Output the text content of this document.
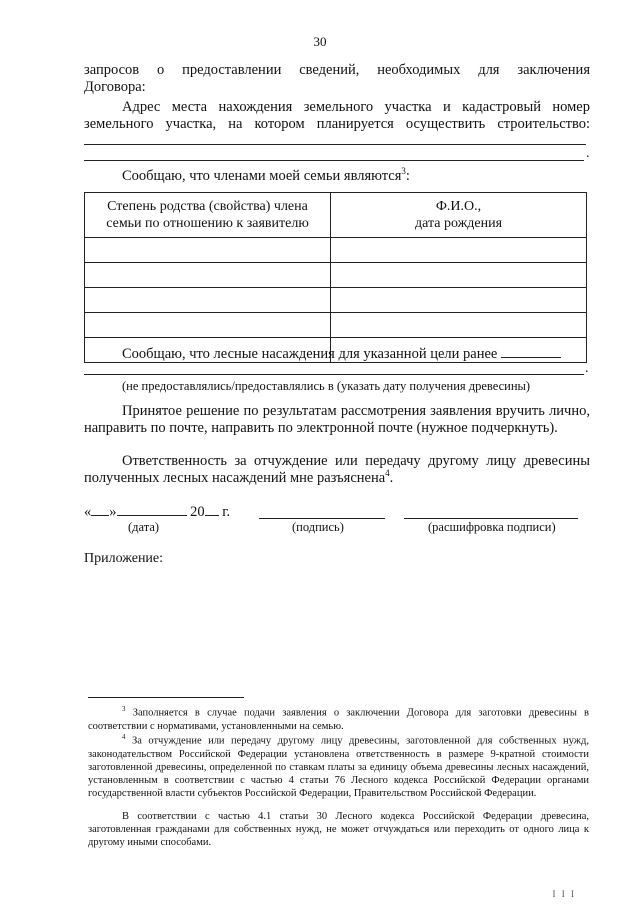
30
запросов о предоставлении сведений, необходимых для заключения
Договора:
Адрес места нахождения земельного участка и кадастровый номер
земельного участка, на котором планируется осуществить строительство:
.
Сообщаю, что членами моей семьи являются$^3$:
Степень родства (свойства) члена семьи по отношению к заявителю	Ф.И.О.,
дата рождения

Сообщаю, что лесные насаждения для указанной цели ранее
.
(не предоставлялись/предоставлялись в (указать дату получения древесины)
Принятое решение по результатам рассмотрения заявления вручить лично, направить по почте, направить по электронной почте (нужное подчеркнуть).
Ответственность за отчуждение или передачу другому лицу древесины полученных лесных насаждений мне разъяснена$^4$.
« »	20 г.
(дата)	(подпись)	(расшифровка подписи)
Приложение:
$^3$ Заполняется в случае подачи заявления о заключении Договора для заготовки древесины в соответствии с нормативами, установленными на семью.
$^4$ За отчуждение или передачу другому лицу древесины, заготовленной для собственных нужд, законодательством Российской Федерации установлена ответственность в размере 9-кратной стоимости заготовленной древесины, определенной по ставкам платы за единицу объема древесины лесных насаждений, установленным в соответствии с частью 4 статьи 76 Лесного кодекса Российской Федерации органами государственной власти субъектов Российской Федерации, Правительством Российской Федерации.
В соответствии с частью 4.1 статьи 30 Лесного кодекса Российской Федерации древесина, заготовленная гражданами для собственных нужд, не может отчуждаться или переходить от одного лица к другому иными способами.
I I I
